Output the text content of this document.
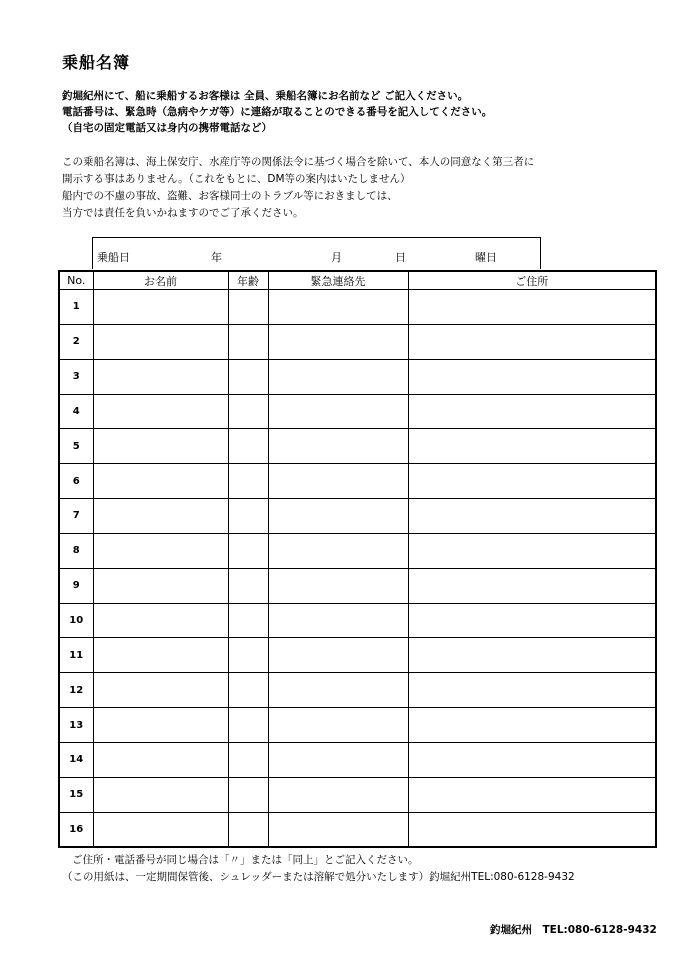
乗船名簿
釣堀紀州にて、船に乗船するお客様は 全員、乗船名簿にお名前など ご記入ください。
電話番号は、緊急時（急病やケガ等）に連絡が取ることのできる番号を記入してください。
（自宅の固定電話又は身内の携帯電話など）
この乗船名簿は、海上保安庁、水産庁等の関係法令に基づく場合を除いて、本人の同意なく第三者に
開示する事はありません。（これをもとに、DM等の案内はいたしません）
船内での不慮の事故、盗難、お客様同士のトラブル等におきましては、
当方では責任を負いかねますのでご了承ください。
乗船日	年	月	日	曜日
No.	お名前	年齢	緊急連絡先	ご住所
1				
2				
3				
4				
5				
6				
7				
8				
9				
10				
11				
12				
13				
14				
15				
16				
ご住所・電話番号が同じ場合は「〃」または「同上」とご記入ください。
（この用紙は、一定期間保管後、シュレッダーまたは溶解で処分いたします）釣堀紀州TEL:080-6128-9432
釣堀紀州　TEL:080-6128-9432
